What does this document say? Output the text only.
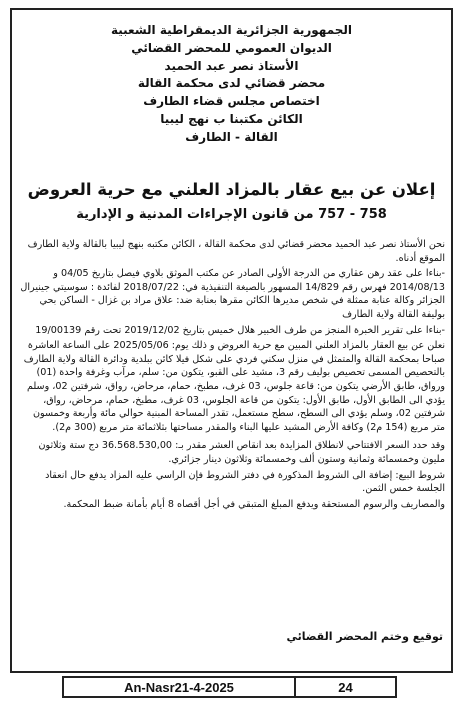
الجمهورية الجزائرية الديمقراطية الشعبية
الديوان العمومي للمحضر القضائي
الأستاذ نصر عبد الحميد
محضر قضائي لدى محكمة القالة
اختصاص مجلس قضاء الطارف
الكائن مكتبنا ب نهج ليبيا
القالة - الطارف
إعلان عن بيع عقار بالمزاد العلني مع حرية العروض
758 - 757 من قانون الإجراءات المدنية و الإدارية

نحن الأستاذ نصر عبد الحميد محضر قضائي لدى محكمة القالة ، الكائن مكتبه بنهج ليبيا بالقالة ولاية الطارف الموقع أدناه.

-بناءا على عقد رهن عقاري من الدرجة الأولى الصادر عن مكتب الموثق بلاوي فيصل بتاريخ 04/05 و 2014/08/13 فهرس رقم 14/829 المسهور بالصيغة التنفيذية في: 2018/07/22 لفائدة : سوسيتي جينيرال الجزائر وكالة عنابة ممثلة في شخص مديرها الكائن مقرها بعنابة ضد: علاق مراد بن غزال - الساكن بحي بوليفة القالة ولاية الطارف

-بناءا على تقرير الخبرة المنجز من طرف الخبير هلال خميس بتاريخ 2019/12/02 تحت رقم 19/00139

نعلن عن بيع العقار بالمزاد العلني المبين مع حرية العروض و ذلك يوم: 2025/05/06 على الساعة العاشرة صباحا بمحكمة القالة والمتمثل في منزل سكني فردي على شكل فيلا كائن ببلدية ودائرة القالة ولاية الطارف بالتحصيص المسمى تحصيص بوليف رقم 3، مشيد على القبو، يتكون من: سلم، مرآب وغرفة واحدة (01) ورواق، طابق الأرضي يتكون من: قاعة جلوس، 03 غرف، مطبخ، حمام، مرحاض، رواق، شرفتين 02، وسلم يؤدي الى الطابق الأول، طابق الأول: يتكون من قاعة الجلوس، 03 غرف، مطبخ، حمام، مرحاض، رواق، شرفتين 02، وسلم يؤدي الى السطح، سطح مستعمل، تقدر المساحة المبنية حوالي مائة وأربعة وخمسون متر مربع (154 م2) وكافة الأرض المشيد عليها البناء والمقدر مساحتها بثلاثمائة متر مربع (300 م2).

وقد حدد السعر الافتتاحي لانطلاق المزايدة بعد انقاص العشر مقدر بـ: 36.568.530,00 دج ستة وثلاثون مليون وخمسمائة وثمانية وستون ألف وخمسمائة وثلاثون دينار جزائري.

شروط البيع: إضافة الى الشروط المذكورة في دفتر الشروط فإن الراسي عليه المزاد يدفع حال انعقاد الجلسة خمس الثمن.

والمصاريف والرسوم المستحقة ويدفع المبلغ المتبقي في أجل أقصاه 8 أيام بأمانة ضبط المحكمة.

توقيع وختم المحضر القضائي
An-Nasr21-4-2025	24
